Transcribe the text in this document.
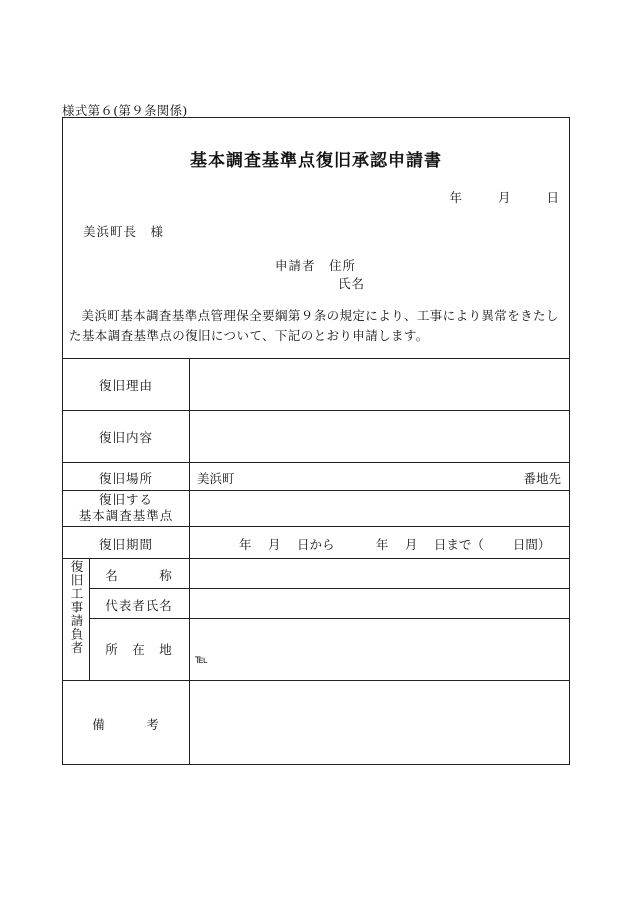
様式第６(第９条関係)
基本調査基準点復旧承認申請書
年	月	日
美浜町長　様
申請者　住所
氏名
美浜町基本調査基準点管理保全要綱第９条の規定により、工事により異常をきたした基本調査基準点の復旧について、下記のとおり申請します。
復旧理由
復旧内容
復旧場所	美浜町	番地先
復旧する
基本調査基準点
復旧期間	年　 月　 日から　　　 年　 月　 日まで（　　 日間）
復旧工事請負者	名　　　称
代表者氏名
所　在　地
℡
備　　　考
